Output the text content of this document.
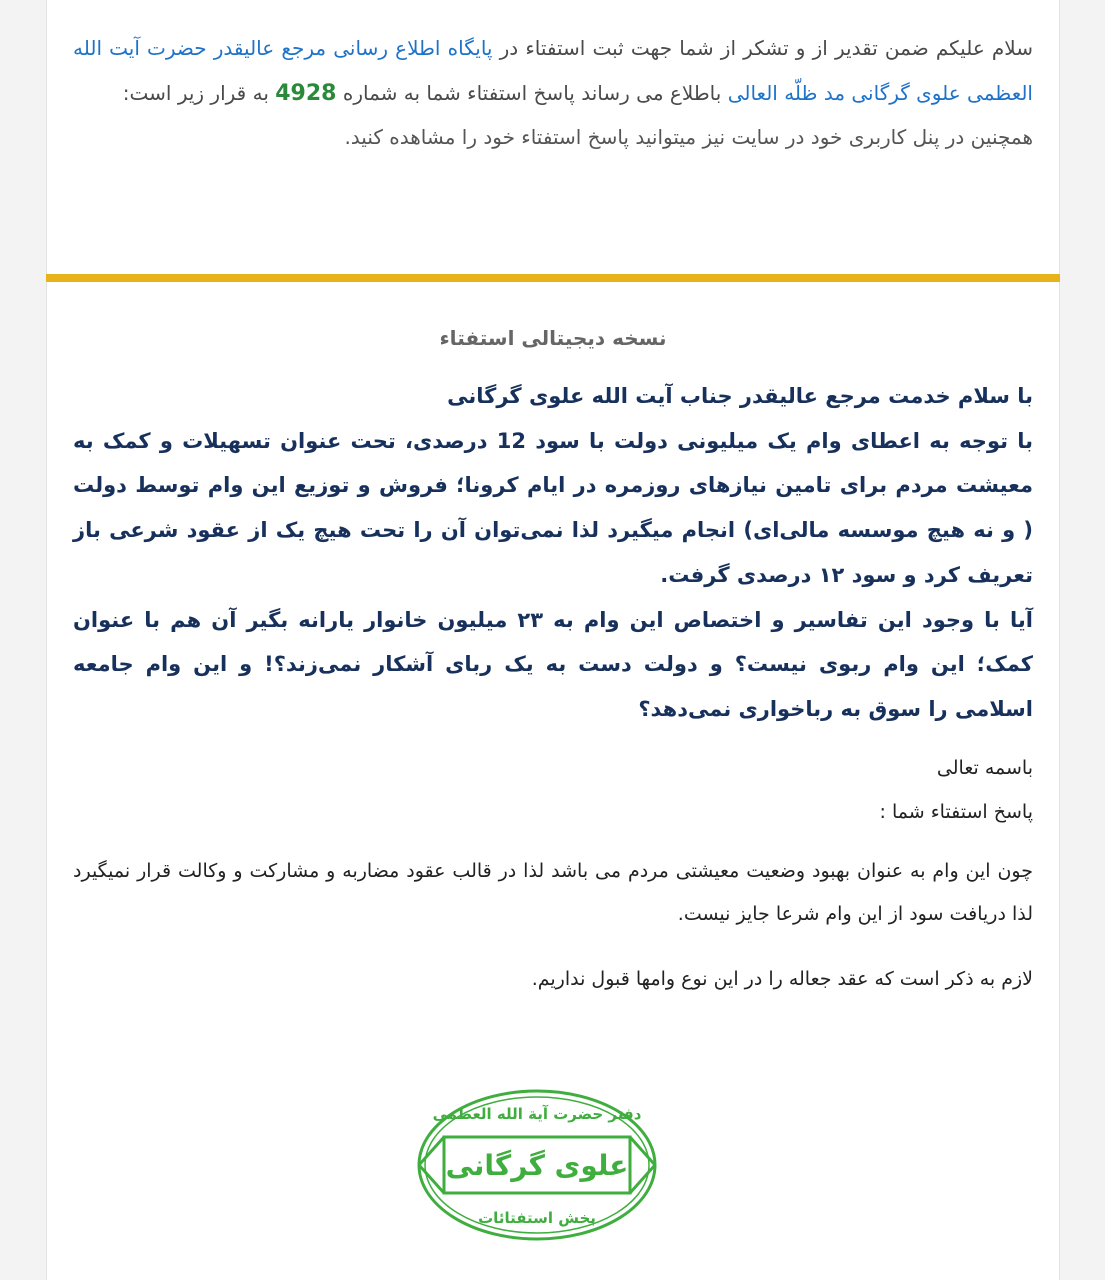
سلام علیکم ضمن تقدیر از و تشکر از شما جهت ثبت استفتاء در پایگاه اطلاع رسانی مرجع عالیقدر حضرت آیت الله العظمی علوی گرگانی مد ظلّه العالی باطلاع می رساند پاسخ استفتاء شما به شماره 4928 به قرار زیر است:

همچنین در پنل کاربری خود در سایت نیز میتوانید پاسخ استفتاء خود را مشاهده کنید.

نسخه دیجیتالی استفتاء

با سلام خدمت مرجع عالیقدر جناب آیت الله علوی گرگانی

با توجه به اعطای وام یک میلیونی دولت با سود 12 درصدی، تحت عنوان تسهیلات و کمک به معیشت مردم برای تامین نیازهای روزمره در ایام کرونا؛ فروش و توزیع این وام توسط دولت ( و نه هیچ موسسه مالی‌ای) انجام میگیرد لذا نمی‌توان آن را تحت هیچ یک از عقود شرعی باز تعریف کرد و سود ۱۲ درصدی گرفت.

آیا با وجود این تفاسیر و اختصاص این وام به ۲۳ میلیون خانوار یارانه بگیر آن هم با عنوان کمک؛ این وام ربوی نیست؟ و دولت دست به یک ربای آشکار نمی‌زند؟! و این وام جامعه اسلامی را سوق به رباخواری نمی‌دهد؟

باسمه تعالی

پاسخ استفتاء شما :

چون این وام به عنوان بهبود وضعیت معیشتی مردم می باشد لذا در قالب عقود مضاربه و مشارکت و وکالت قرار نمیگیرد لذا دریافت سود از این وام شرعا جایز نیست.

لازم به ذکر است که عقد جعاله را در این نوع وامها قبول نداریم.

دفتر حضرت آیة الله العظمی
علوی گرگانی
بخش استفتائات
